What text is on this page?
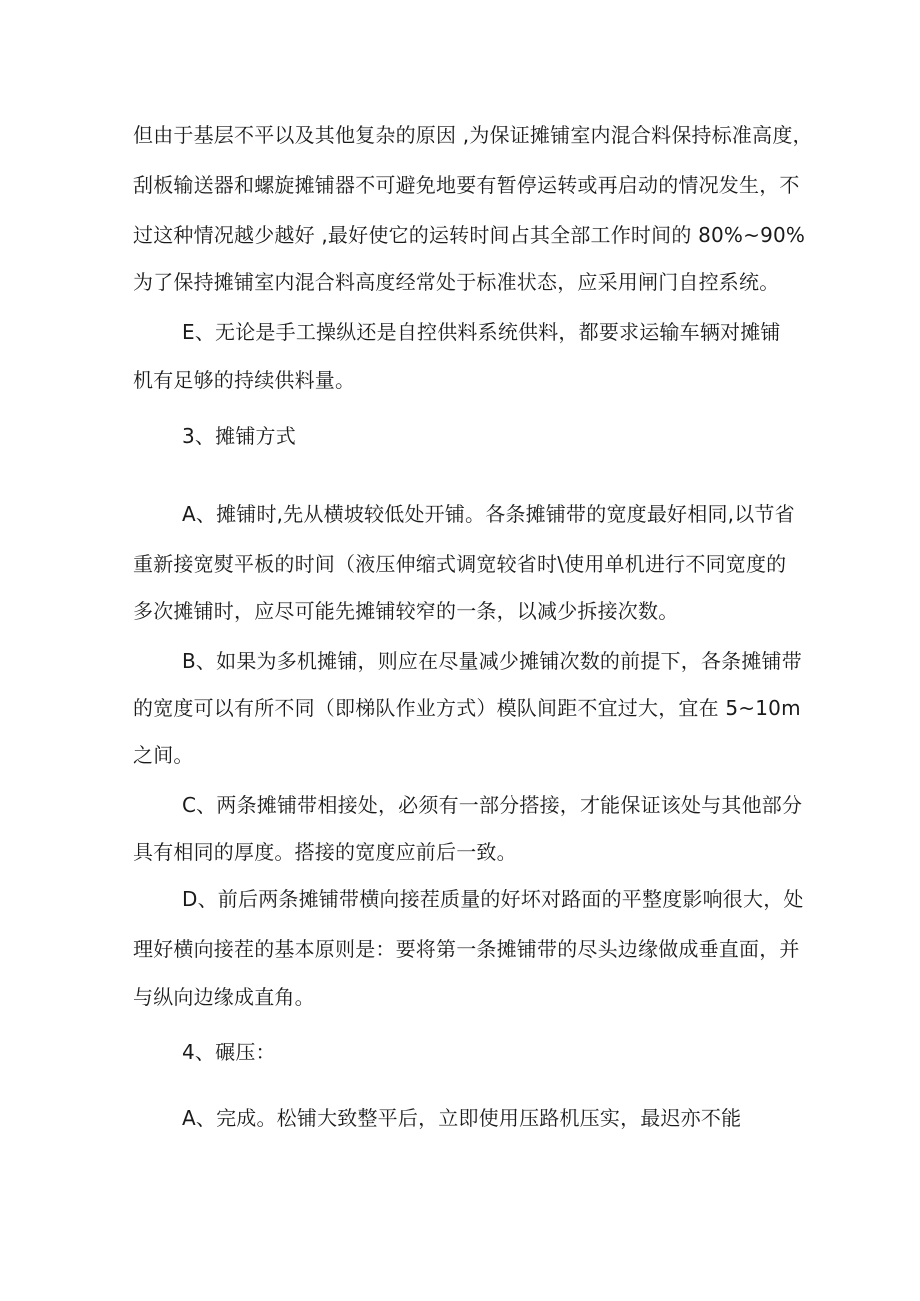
但由于基层不平以及其他复杂的原因 ,为保证摊铺室内混合料保持标准高度，
刮板输送器和螺旋摊铺器不可避免地要有暂停运转或再启动的情况发生，不
过这种情况越少越好 ,最好使它的运转时间占其全部工作时间的 80%~90%
为了保持摊铺室内混合料高度经常处于标准状态，应采用闸门自控系统。
E、无论是手工操纵还是自控供料系统供料，都要求运输车辆对摊铺
机有足够的持续供料量。
3、摊铺方式
A、摊铺时,先从横坡较低处开铺。各条摊铺带的宽度最好相同,以节省
重新接宽熨平板的时间（液压伸缩式调宽较省时\使用单机进行不同宽度的
多次摊铺时，应尽可能先摊铺较窄的一条，以减少拆接次数。
B、如果为多机摊铺，则应在尽量减少摊铺次数的前提下，各条摊铺带
的宽度可以有所不同（即梯队作业方式）模队间距不宜过大，宜在 5~10m
之间。
C、两条摊铺带相接处，必须有一部分搭接，才能保证该处与其他部分
具有相同的厚度。搭接的宽度应前后一致。
D、前后两条摊铺带横向接茬质量的好坏对路面的平整度影响很大，处
理好横向接茬的基本原则是：要将第一条摊铺带的尽头边缘做成垂直面，并
与纵向边缘成直角。
4、碾压：
A、完成。松铺大致整平后，立即使用压路机压实，最迟亦不能
